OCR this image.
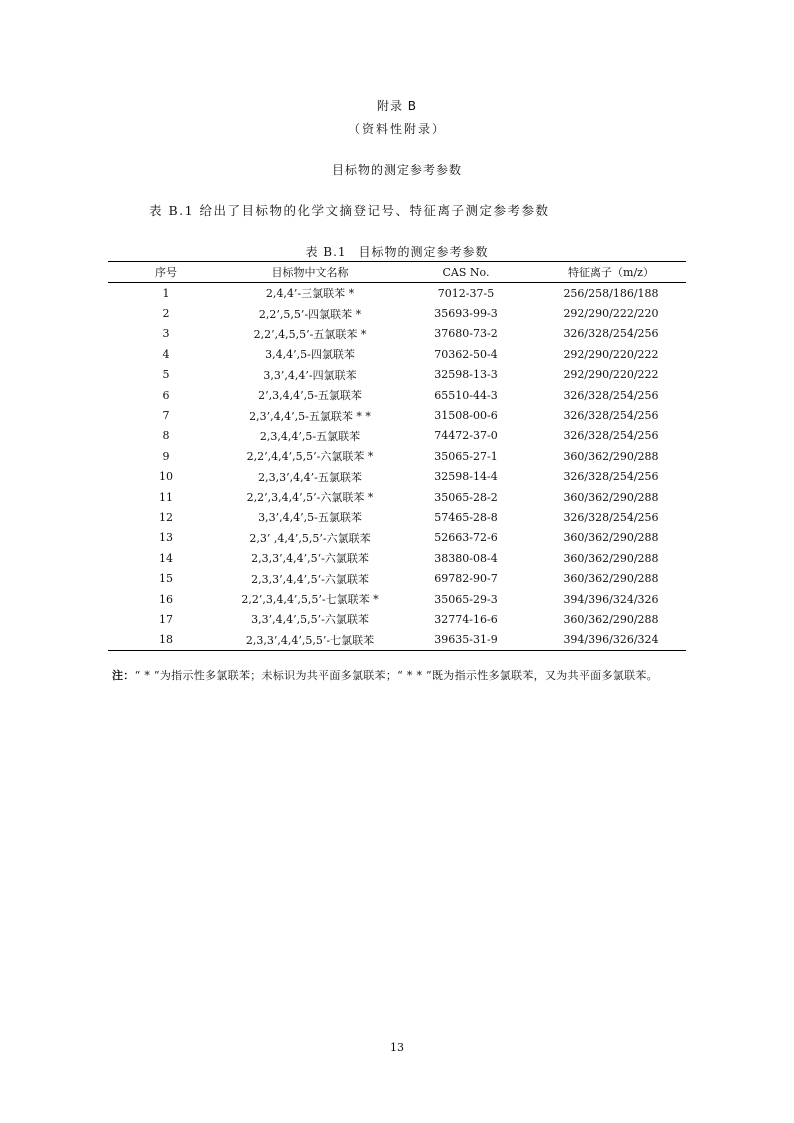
附录 B
（资料性附录）
目标物的测定参考参数
表 B.1 给出了目标物的化学文摘登记号、特征离子测定参考参数
表 B.1 目标物的测定参考参数
序号	目标物中文名称	CAS No.	特征离子（m/z）
1	2,4,4’-三氯联苯 *	7012-37-5	256/258/186/188
2	2,2’,5,5’-四氯联苯 *	35693-99-3	292/290/222/220
3	2,2’,4,5,5’-五氯联苯 *	37680-73-2	326/328/254/256
4	3,4,4’,5-四氯联苯	70362-50-4	292/290/220/222
5	3,3’,4,4’-四氯联苯	32598-13-3	292/290/220/222
6	2’,3,4,4’,5-五氯联苯	65510-44-3	326/328/254/256
7	2,3’,4,4’,5-五氯联苯 * *	31508-00-6	326/328/254/256
8	2,3,4,4’,5-五氯联苯	74472-37-0	326/328/254/256
9	2,2’,4,4’,5,5’-六氯联苯 *	35065-27-1	360/362/290/288
10	2,3,3’,4,4’-五氯联苯	32598-14-4	326/328/254/256
11	2,2’,3,4,4’,5’-六氯联苯 *	35065-28-2	360/362/290/288
12	3,3’,4,4’,5-五氯联苯	57465-28-8	326/328/254/256
13	2,3’ ,4,4’,5,5’-六氯联苯	52663-72-6	360/362/290/288
14	2,3,3’,4,4’,5‘-六氯联苯	38380-08-4	360/362/290/288
15	2,3,3’,4,4’,5‘-六氯联苯	69782-90-7	360/362/290/288
16	2,2’,3,4,4’,5,5’-七氯联苯 *	35065-29-3	394/396/324/326
17	3,3’,4,4’,5,5’-六氯联苯	32774-16-6	360/362/290/288
18	2,3,3’,4,4’,5,5’-七氯联苯	39635-31-9	394/396/326/324
注：“ * ”为指示性多氯联苯；未标识为共平面多氯联苯；“ * * ”既为指示性多氯联苯，又为共平面多氯联苯。
13
